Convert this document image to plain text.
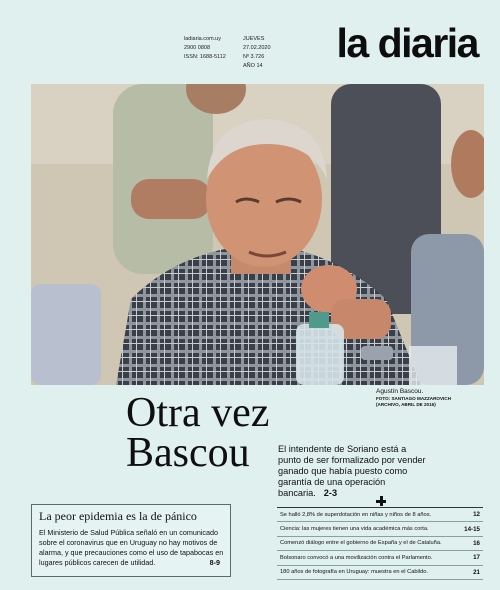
ladiaria.com.uy
2900 0808
ISSN: 1688-5112
JUEVES
27.02.2020
Nº 3.726
AÑO 14 la diaria
Agustín Bascou.
FOTO: SANTIAGO MAZZAROVICH
(ARCHIVO, ABRIL DE 2016)
Otra vez
Bascou	El intendente de Soriano está a punto de ser formalizado por vender ganado que había puesto como garantía de una operación bancaria. 2-3
La peor epidemia es la de pánico
El Ministerio de Salud Pública señaló en un comunicado sobre el coronavirus que en Uruguay no hay motivos de alarma, y que precauciones como el uso de tapabocas en lugares públicos carecen de utilidad.	8-9
Se halló 2,8% de superdotación en niñas y niños de 8 años.	12
Ciencia: las mujeres tienen una vida académica más corta.	14-15
Comenzó diálogo entre el gobierno de España y el de Cataluña.	16
Bolsonaro convocó a una movilización contra el Parlamento.	17
180 años de fotografía en Uruguay: muestra en el Cabildo.	21
